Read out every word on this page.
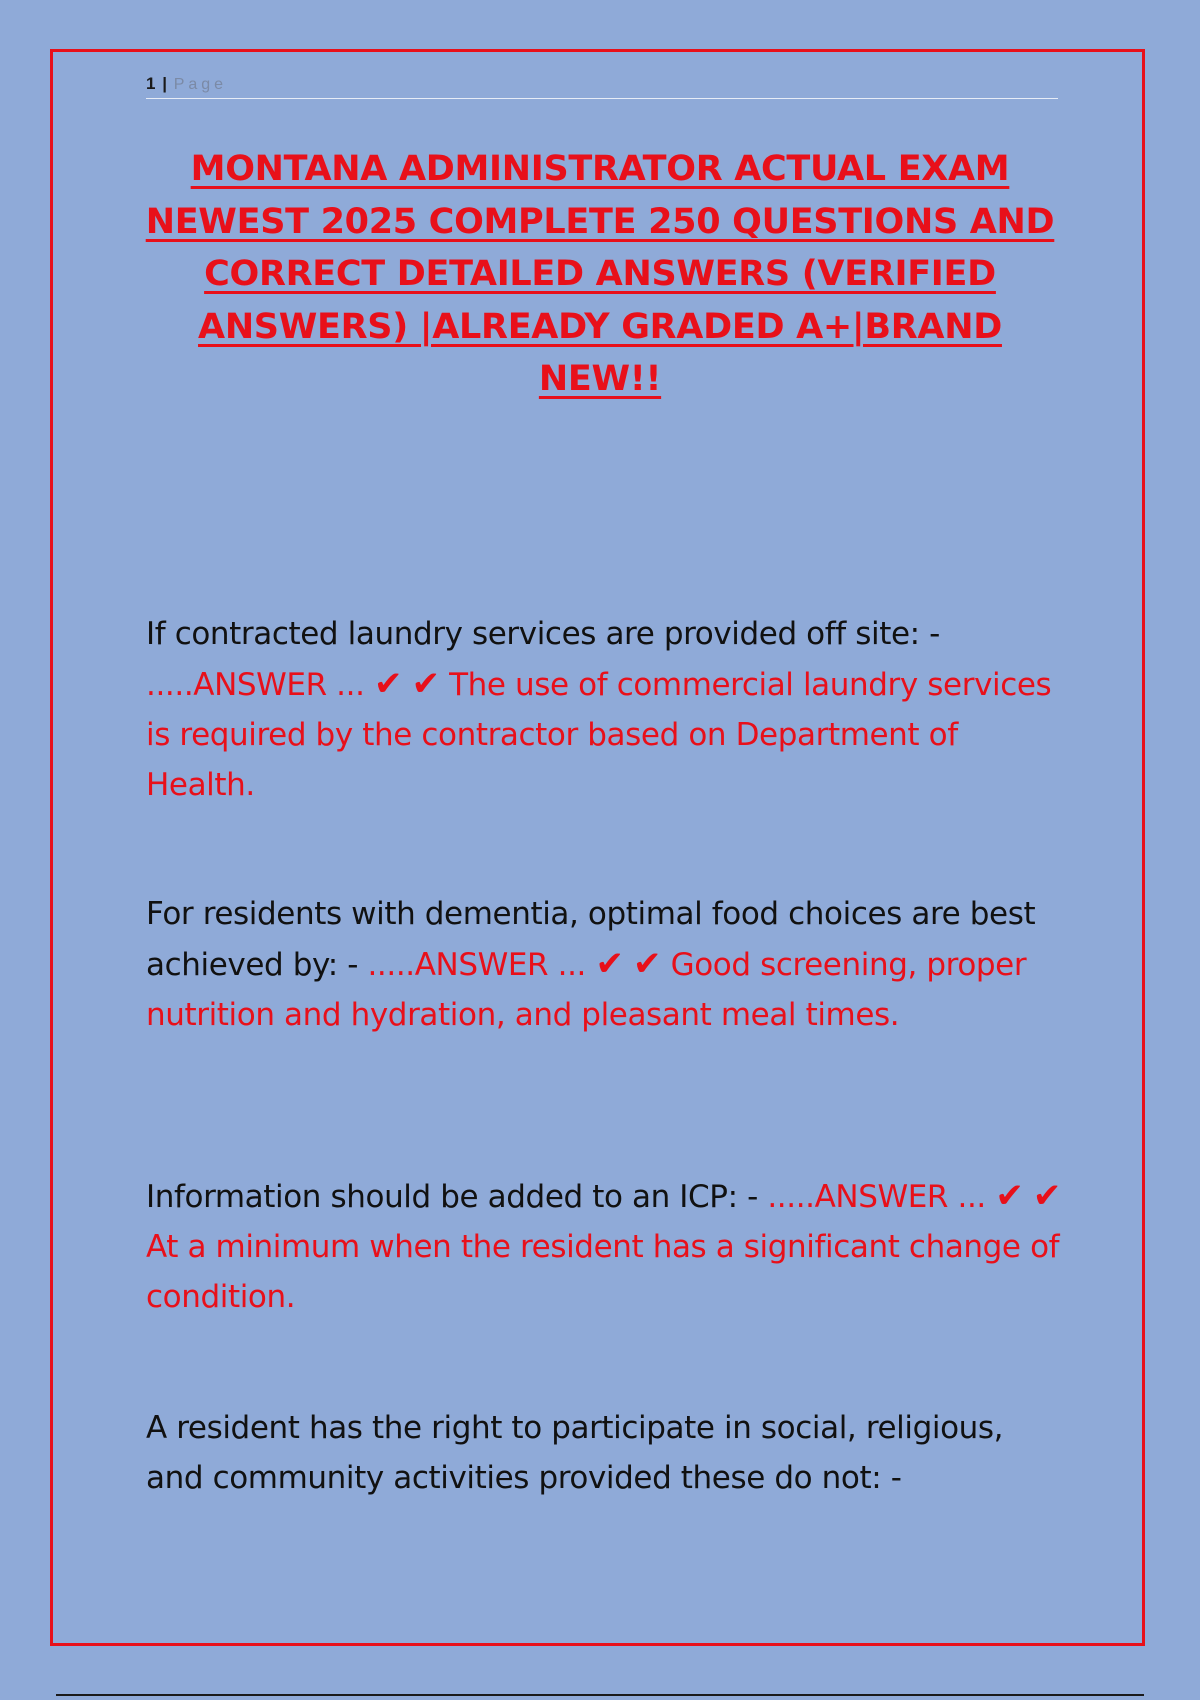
1 | Page
MONTANA ADMINISTRATOR ACTUAL EXAM NEWEST 2025 COMPLETE 250 QUESTIONS AND CORRECT DETAILED ANSWERS (VERIFIED ANSWERS) |ALREADY GRADED A+|BRAND NEW!!
If contracted laundry services are provided off site: - .....ANSWER ... ✔ ✔ The use of commercial laundry services is required by the contractor based on Department of Health.
For residents with dementia, optimal food choices are best achieved by: - .....ANSWER ... ✔ ✔ Good screening, proper nutrition and hydration, and pleasant meal times.
Information should be added to an ICP: - .....ANSWER ... ✔ ✔ At a minimum when the resident has a significant change of condition.
A resident has the right to participate in social, religious, and community activities provided these do not: -
